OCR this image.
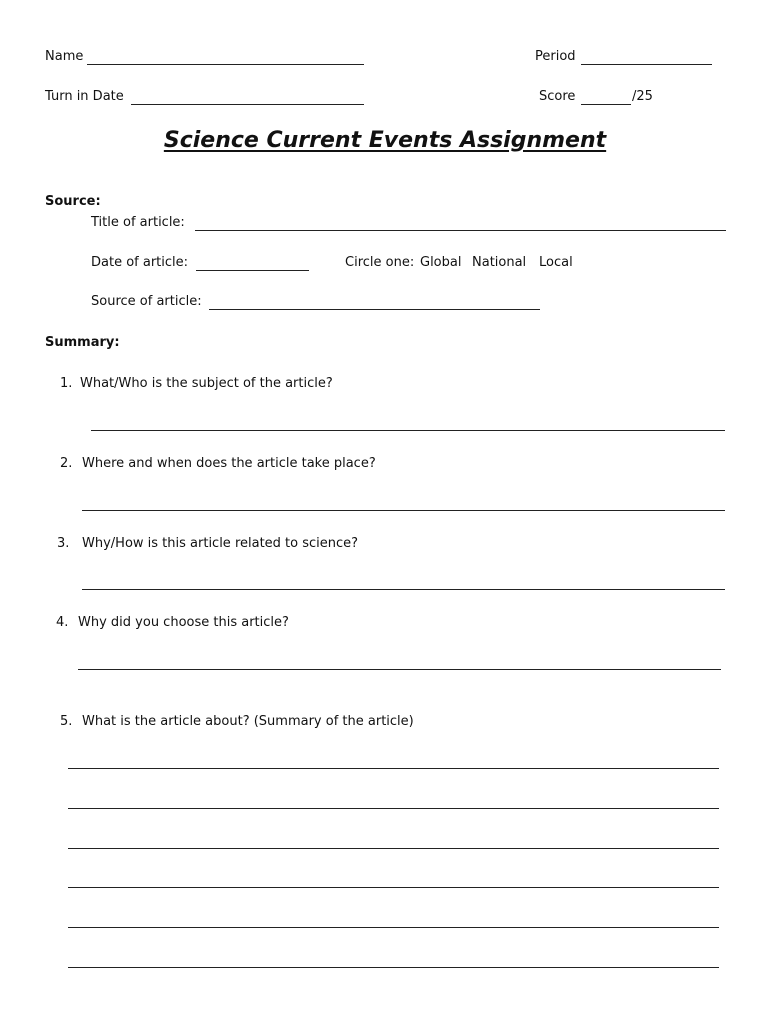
Name	Period
Turn in Date	Score	/25
Science Current Events Assignment
Source:
Title of article:
Date of article:	Circle one: Global National Local
Source of article:
Summary:
1. What/Who is the subject of the article?
2. Where and when does the article take place?
3. Why/How is this article related to science?
4. Why did you choose this article?
5. What is the article about? (Summary of the article)
